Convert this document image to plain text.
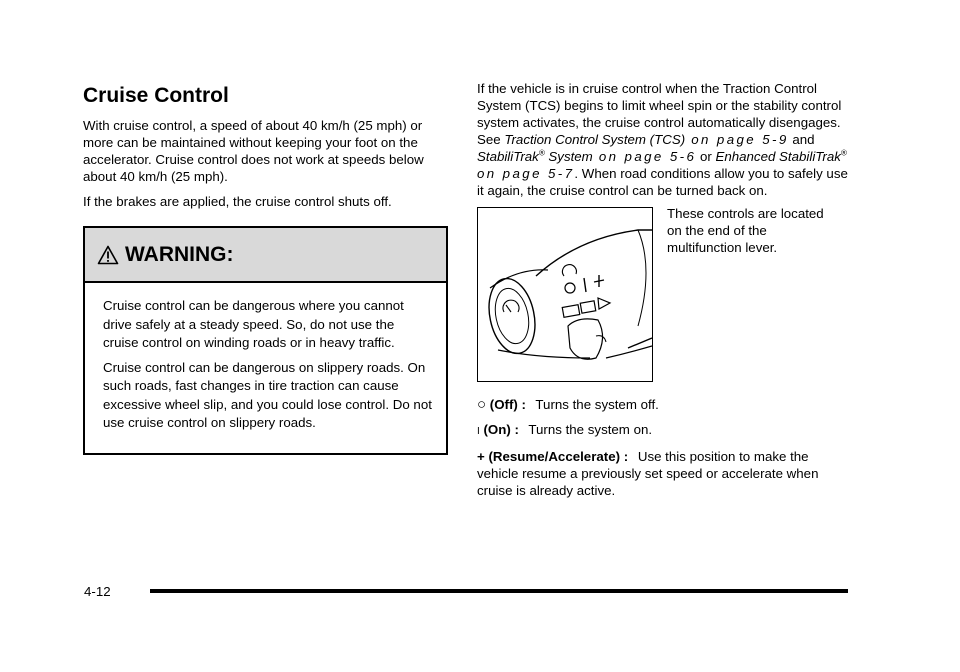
Cruise Control

With cruise control, a speed of about 40 km/h (25 mph) or more can be maintained without keeping your foot on the accelerator. Cruise control does not work at speeds below about 40 km/h (25 mph).

If the brakes are applied, the cruise control shuts off.

WARNING:

Cruise control can be dangerous where you cannot drive safely at a steady speed. So, do not use the cruise control on winding roads or in heavy traffic.

Cruise control can be dangerous on slippery roads. On such roads, fast changes in tire traction can cause excessive wheel slip, and you could lose control. Do not use cruise control on slippery roads.

If the vehicle is in cruise control when the Traction Control System (TCS) begins to limit wheel spin or the stability control system activates, the cruise control automatically disengages. See Traction Control System (TCS) on page 5-9 and StabiliTrak® System on page 5-6 or Enhanced StabiliTrak® on page 5-7. When road conditions allow you to safely use it again, the cruise control can be turned back on.

These controls are located on the end of the multifunction lever.
○ (Off) : Turns the system off.
I (On) : Turns the system on.
+ (Resume/Accelerate) : Use this position to make the vehicle resume a previously set speed or accelerate when cruise is already active.
4-12
